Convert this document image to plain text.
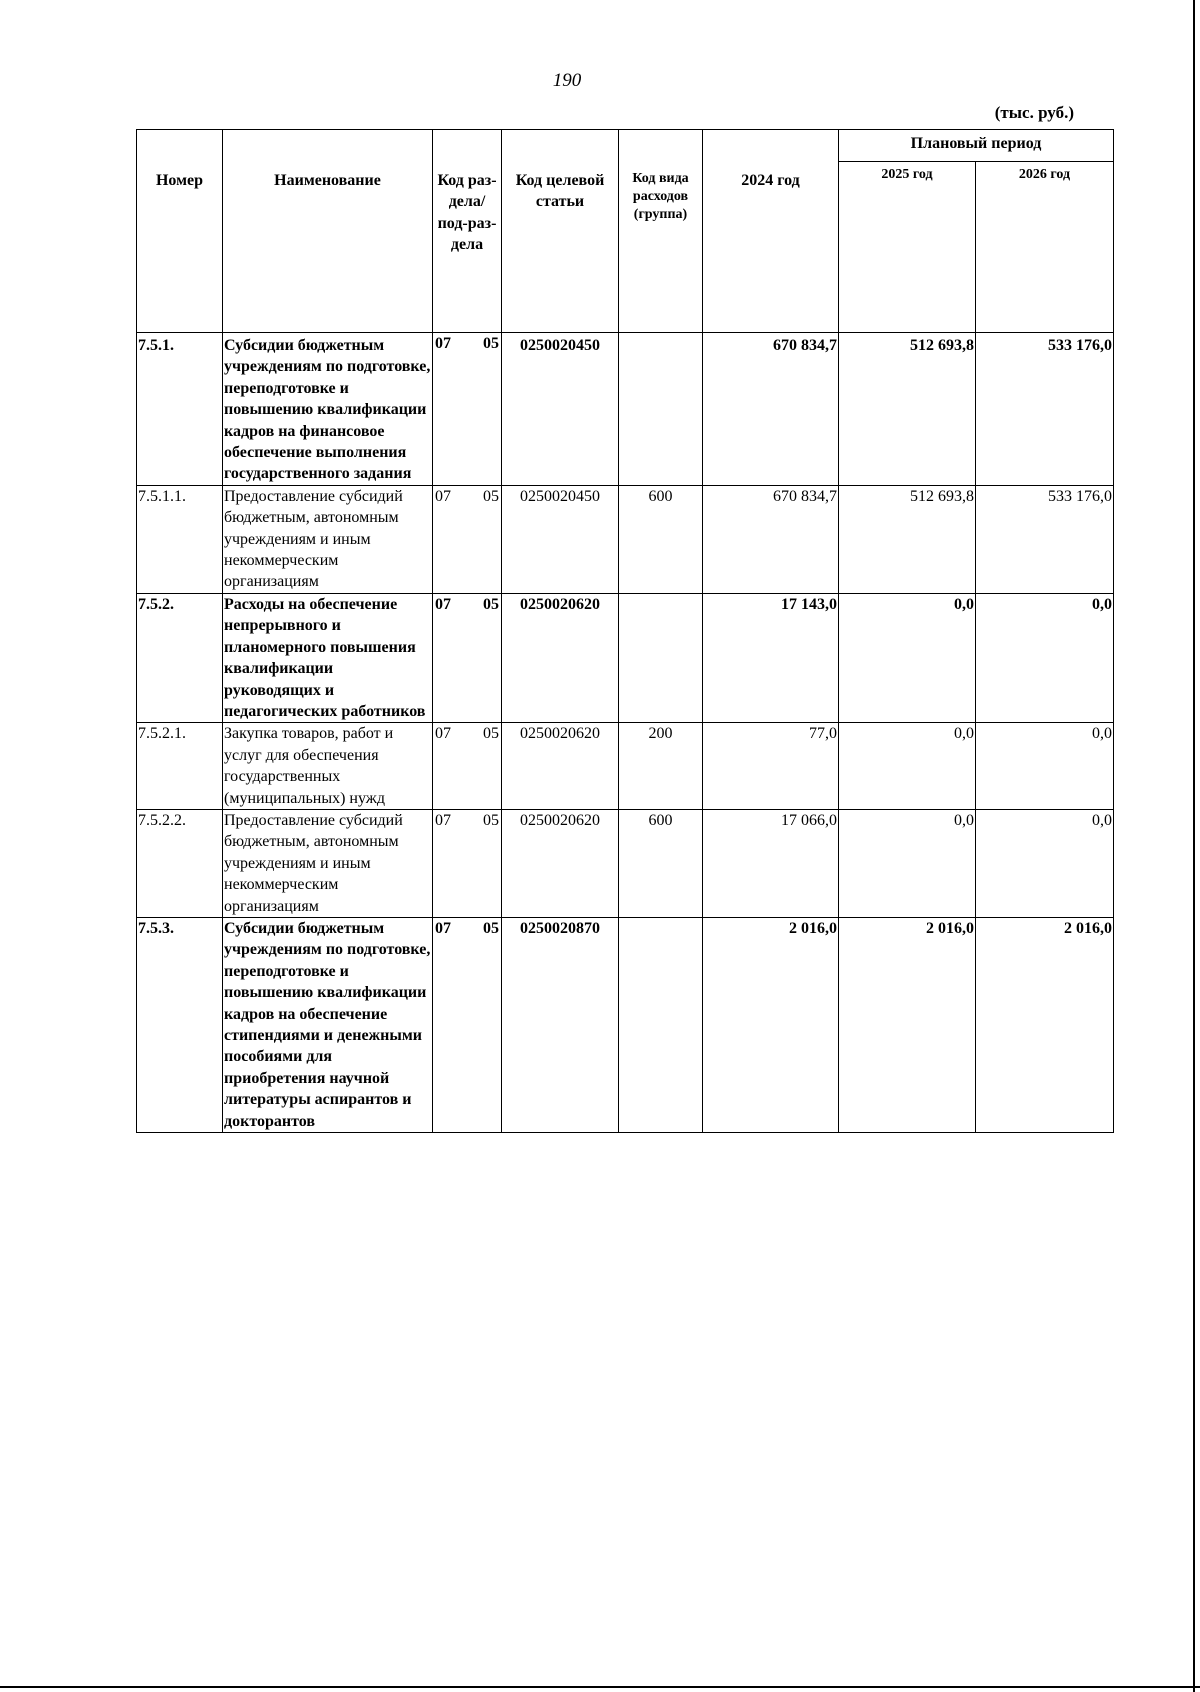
190
(тыс. руб.)
Номер	Наименование	Код раз-дела/ под-раз-дела	Код целевой статьи	Код вида расходов (группа)	2024 год	Плановый период	
						2025 год	2026 год
7.5.1.	Субсидии бюджетным учреждениям по подготовке, переподготовке и повышению квалификации кадров на финансовое обеспечение выполнения государственного задания	07 05	0250020450		670 834,7	512 693,8	533 176,0
7.5.1.1.	Предоставление субсидий бюджетным, автономным учреждениям и иным некоммерческим организациям	07 05	0250020450	600	670 834,7	512 693,8	533 176,0
7.5.2.	Расходы на обеспечение непрерывного и планомерного повышения квалификации руководящих и педагогических работников	07 05	0250020620		17 143,0	0,0	0,0
7.5.2.1.	Закупка товаров, работ и услуг для обеспечения государственных (муниципальных) нужд	07 05	0250020620	200	77,0	0,0	0,0
7.5.2.2.	Предоставление субсидий бюджетным, автономным учреждениям и иным некоммерческим организациям	07 05	0250020620	600	17 066,0	0,0	0,0
7.5.3.	Субсидии бюджетным учреждениям по подготовке, переподготовке и повышению квалификации кадров на обеспечение стипендиями и денежными пособиями для приобретения научной литературы аспирантов и докторантов	07 05	0250020870		2 016,0	2 016,0	2 016,0
